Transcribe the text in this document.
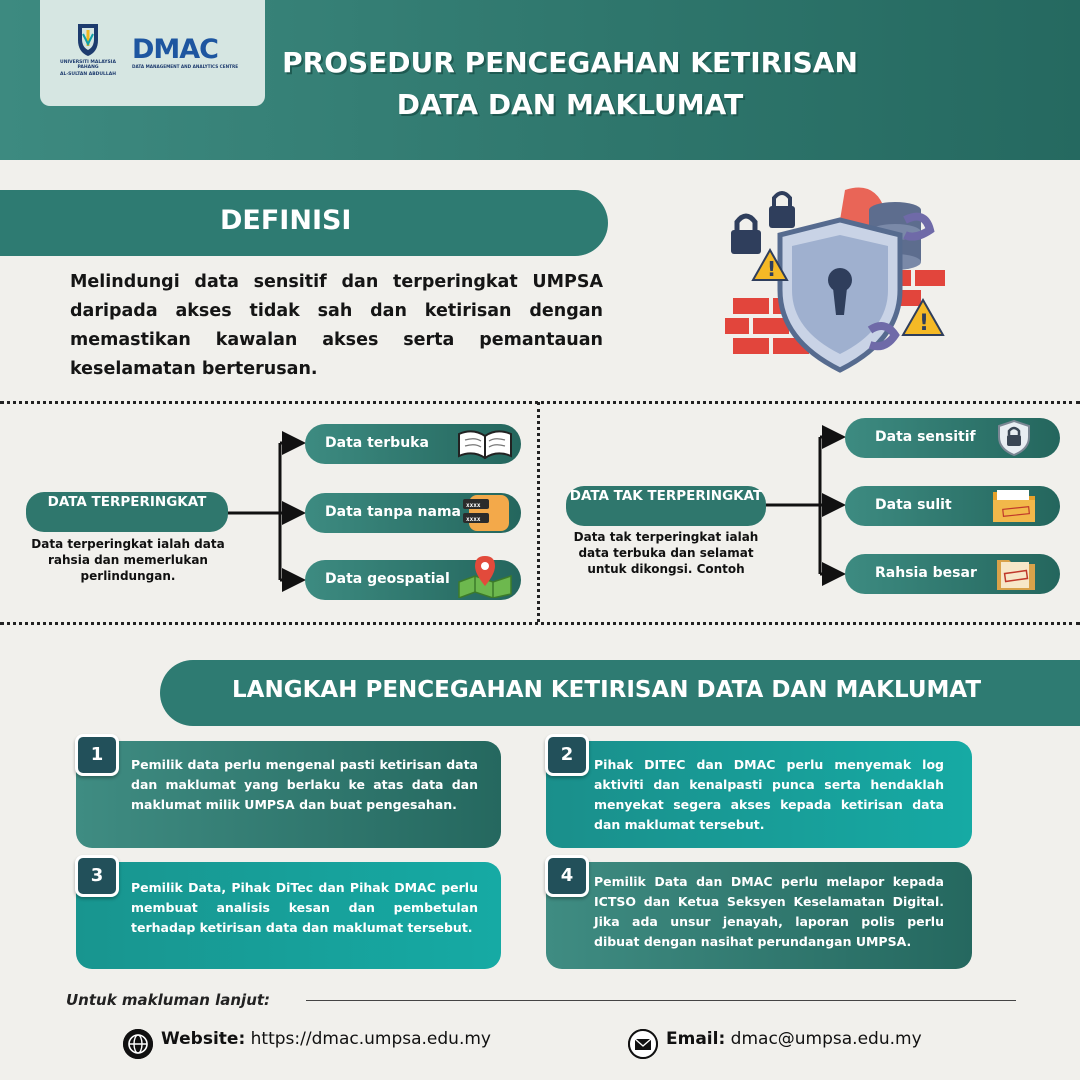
UNIVERSITI MALAYSIA PAHANG
AL-SULTAN ABDULLAH
DMAC
DATA MANAGEMENT AND ANALYTICS CENTRE	PROSEDUR PENCEGAHAN KETIRISAN
DATA DAN MAKLUMAT
DEFINISI
Melindungi data sensitif dan terperingkat UMPSA daripada akses tidak sah dan ketirisan dengan memastikan kawalan akses serta pemantauan keselamatan berterusan.
!
!
DATA TERPERINGKAT
Data terperingkat ialah data rahsia dan memerlukan perlindungan.
Data terbuka
Data tanpa nama xxxx
xxxx
Data geospatial
DATA TAK TERPERINGKAT
Data tak terperingkat ialah data terbuka dan selamat untuk dikongsi. Contoh
Data sensitif
Data sulit
Rahsia besar
LANGKAH PENCEGAHAN KETIRISAN DATA DAN MAKLUMAT
Pemilik data perlu mengenal pasti ketirisan data dan maklumat yang berlaku ke atas data dan maklumat milik UMPSA dan buat pengesahan.
1	Pihak DITEC dan DMAC perlu menyemak log aktiviti dan kenalpasti punca serta hendaklah menyekat segera akses kepada ketirisan data dan maklumat tersebut.
2
Pemilik Data, Pihak DiTec dan Pihak DMAC perlu membuat analisis kesan dan pembetulan terhadap ketirisan data dan maklumat tersebut.
3	Pemilik Data dan DMAC perlu melapor kepada ICTSO dan Ketua Seksyen Keselamatan Digital. Jika ada unsur jenayah, laporan polis perlu dibuat dengan nasihat perundangan UMPSA.
4
Untuk makluman lanjut:
Website: https://dmac.umpsa.edu.my	Email: dmac@umpsa.edu.my
